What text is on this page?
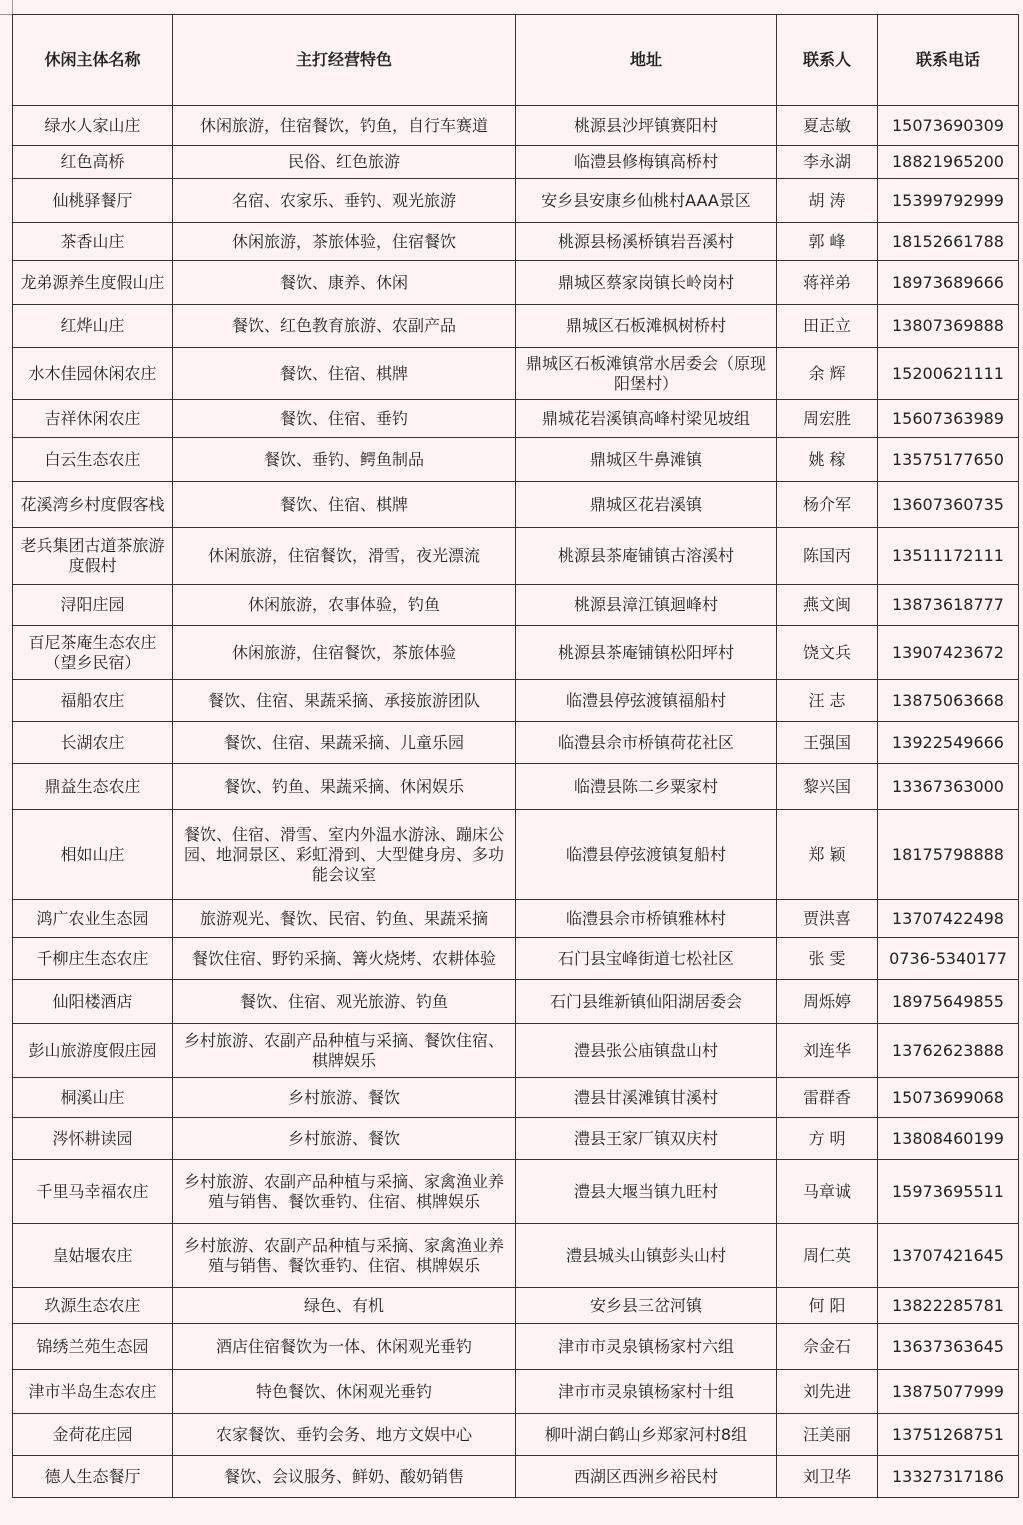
休闲主体名称	主打经营特色	地址	联系人	联系电话
绿水人家山庄	休闲旅游，住宿餐饮，钓鱼，自行车赛道	桃源县沙坪镇赛阳村	夏志敏	15073690309
红色高桥	民俗、红色旅游	临澧县修梅镇高桥村	李永湖	18821965200
仙桃驿餐厅	名宿、农家乐、垂钓、观光旅游	安乡县安康乡仙桃村AAA景区	胡 涛	15399792999
茶香山庄	休闲旅游，茶旅体验，住宿餐饮	桃源县杨溪桥镇岩吾溪村	郭 峰	18152661788
龙弟源养生度假山庄	餐饮、康养、休闲	鼎城区蔡家岗镇长岭岗村	蒋祥弟	18973689666
红烨山庄	餐饮、红色教育旅游、农副产品	鼎城区石板滩枫树桥村	田正立	13807369888
水木佳园休闲农庄	餐饮、住宿、棋牌	鼎城区石板滩镇常水居委会（原现阳堡村）	余 辉	15200621111
吉祥休闲农庄	餐饮、住宿、垂钓	鼎城花岩溪镇高峰村梁见坡组	周宏胜	15607363989
白云生态农庄	餐饮、垂钓、鳄鱼制品	鼎城区牛鼻滩镇	姚 稼	13575177650
花溪湾乡村度假客栈	餐饮、住宿、棋牌	鼎城区花岩溪镇	杨介军	13607360735
老兵集团古道茶旅游度假村	休闲旅游，住宿餐饮，滑雪，夜光漂流	桃源县茶庵铺镇古溶溪村	陈国丙	13511172111
浔阳庄园	休闲旅游，农事体验，钓鱼	桃源县漳江镇迴峰村	燕文闽	13873618777
百尼茶庵生态农庄（望乡民宿）	休闲旅游，住宿餐饮，茶旅体验	桃源县茶庵铺镇松阳坪村	饶文兵	13907423672
福船农庄	餐饮、住宿、果蔬采摘、承接旅游团队	临澧县停弦渡镇福船村	汪 志	13875063668
长湖农庄	餐饮、住宿、果蔬采摘、儿童乐园	临澧县佘市桥镇荷花社区	王强国	13922549666
鼎益生态农庄	餐饮、钓鱼、果蔬采摘、休闲娱乐	临澧县陈二乡粟家村	黎兴国	13367363000
相如山庄	餐饮、住宿、滑雪、室内外温水游泳、蹦床公园、地洞景区、彩虹滑到、大型健身房、多功能会议室	临澧县停弦渡镇复船村	郑 颖	18175798888
鸿广农业生态园	旅游观光、餐饮、民宿、钓鱼、果蔬采摘	临澧县佘市桥镇雅林村	贾洪喜	13707422498
千柳庄生态农庄	餐饮住宿、野钓采摘、篝火烧烤、农耕体验	石门县宝峰街道七松社区	张 雯	0736-5340177
仙阳楼酒店	餐饮、住宿、观光旅游、钓鱼	石门县维新镇仙阳湖居委会	周烁婷	18975649855
彭山旅游度假庄园	乡村旅游、农副产品种植与采摘、餐饮住宿、棋牌娱乐	澧县张公庙镇盘山村	刘连华	13762623888
桐溪山庄	乡村旅游、餐饮	澧县甘溪滩镇甘溪村	雷群香	15073699068
涔怀耕读园	乡村旅游、餐饮	澧县王家厂镇双庆村	方 明	13808460199
千里马幸福农庄	乡村旅游、农副产品种植与采摘、家禽渔业养殖与销售、餐饮垂钓、住宿、棋牌娱乐	澧县大堰当镇九旺村	马章诚	15973695511
皇姑堰农庄	乡村旅游、农副产品种植与采摘、家禽渔业养殖与销售、餐饮垂钓、住宿、棋牌娱乐	澧县城头山镇彭头山村	周仁英	13707421645
玖源生态农庄	绿色、有机	安乡县三岔河镇	何 阳	13822285781
锦绣兰苑生态园	酒店住宿餐饮为一体、休闲观光垂钓	津市市灵泉镇杨家村六组	佘金石	13637363645
津市半岛生态农庄	特色餐饮、休闲观光垂钓	津市市灵泉镇杨家村十组	刘先进	13875077999
金荷花庄园	农家餐饮、垂钓会务、地方文娱中心	柳叶湖白鹤山乡郑家河村8组	汪美丽	13751268751
德人生态餐厅	餐饮、会议服务、鲜奶、酸奶销售	西湖区西洲乡裕民村	刘卫华	13327317186
